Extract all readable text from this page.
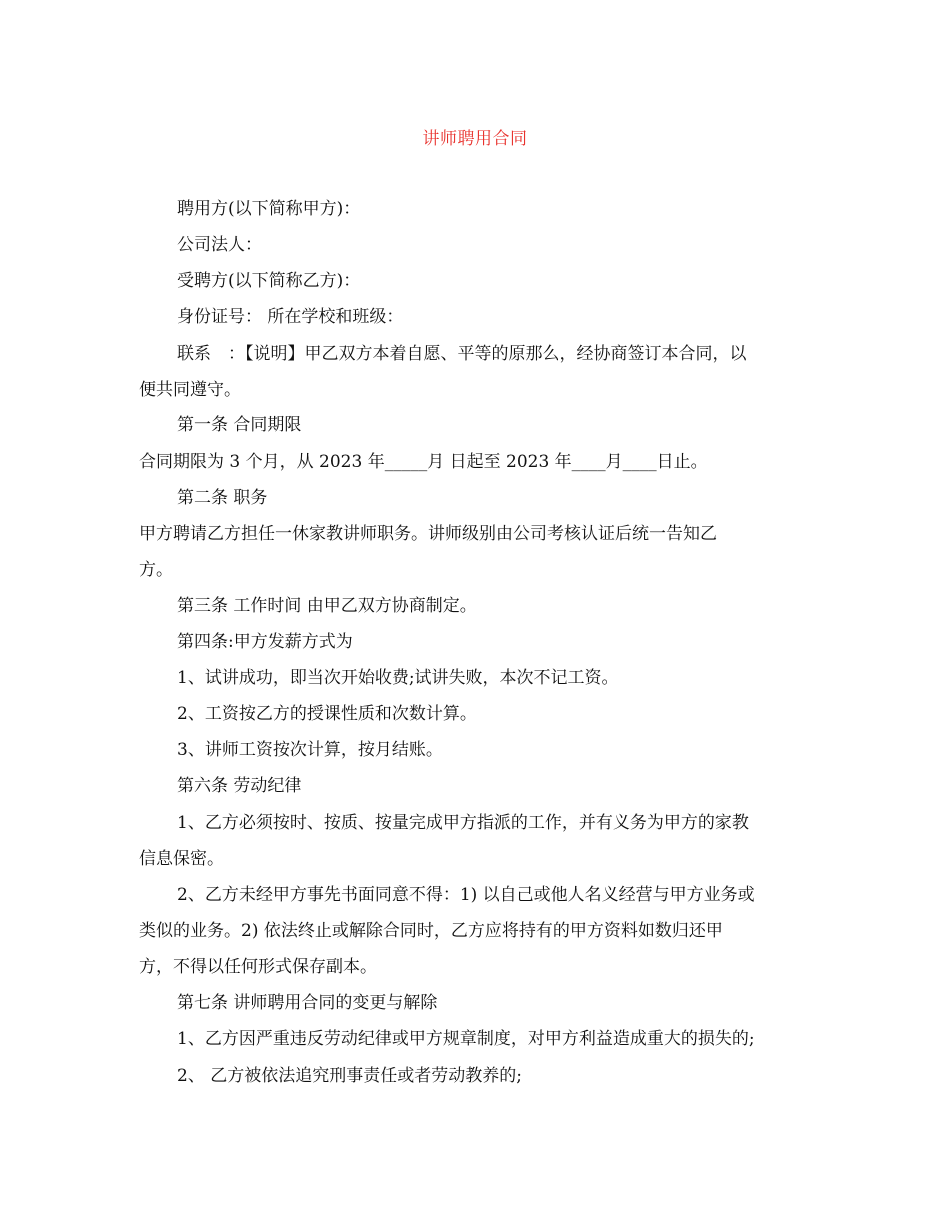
讲师聘用合同
聘用方(以下简称甲方)：
公司法人：
受聘方(以下简称乙方)：
身份证号： 所在学校和班级：
联系　：【说明】甲乙双方本着自愿、平等的原那么，经协商签订本合同，以
便共同遵守。
第一条 合同期限
合同期限为 3 个月，从 2023 年_____月 日起至 2023 年____月____日止。
第二条 职务
甲方聘请乙方担任一休家教讲师职务。讲师级别由公司考核认证后统一告知乙
方。
第三条 工作时间 由甲乙双方协商制定。
第四条:甲方发薪方式为
1、试讲成功，即当次开始收费;试讲失败，本次不记工资。
2、工资按乙方的授课性质和次数计算。
3、讲师工资按次计算，按月结账。
第六条 劳动纪律
1、乙方必须按时、按质、按量完成甲方指派的工作，并有义务为甲方的家教
信息保密。
2、乙方未经甲方事先书面同意不得：1) 以自己或他人名义经营与甲方业务或
类似的业务。2) 依法终止或解除合同时，乙方应将持有的甲方资料如数归还甲
方，不得以任何形式保存副本。
第七条 讲师聘用合同的变更与解除
1、乙方因严重违反劳动纪律或甲方规章制度，对甲方利益造成重大的损失的;
2、 乙方被依法追究刑事责任或者劳动教养的;
